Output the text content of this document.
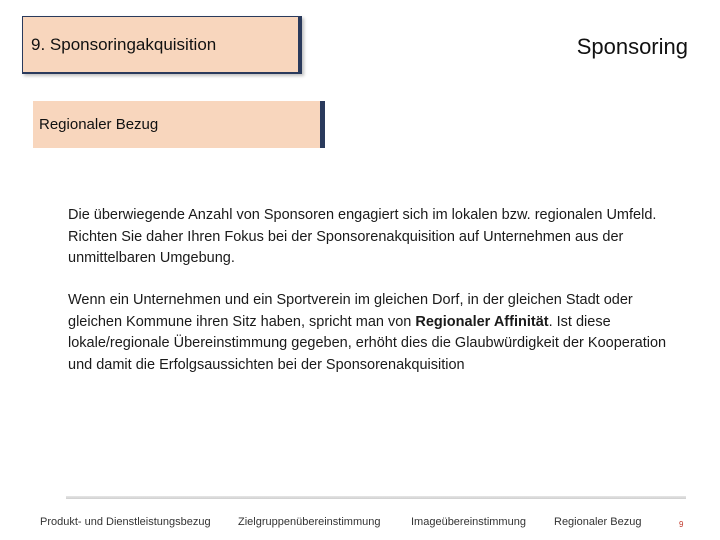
9. Sponsoringakquisition	Sponsoring
Regionaler Bezug
Die überwiegende Anzahl von Sponsoren engagiert sich im lokalen bzw. regionalen Umfeld. Richten Sie daher Ihren Fokus bei der Sponsorenakquisition auf Unternehmen aus der unmittelbaren Umgebung.
Wenn ein Unternehmen und ein Sportverein im gleichen Dorf, in der gleichen Stadt oder gleichen Kommune ihren Sitz haben, spricht man von Regionaler Affinität. Ist diese lokale/regionale Übereinstimmung gegeben, erhöht dies die Glaubwürdigkeit der Kooperation und damit die Erfolgsaussichten bei der Sponsorenakquisition
Produkt- und Dienstleistungsbezug Zielgruppenübereinstimmung	Imageübereinstimmung	Regionaler Bezug	9
